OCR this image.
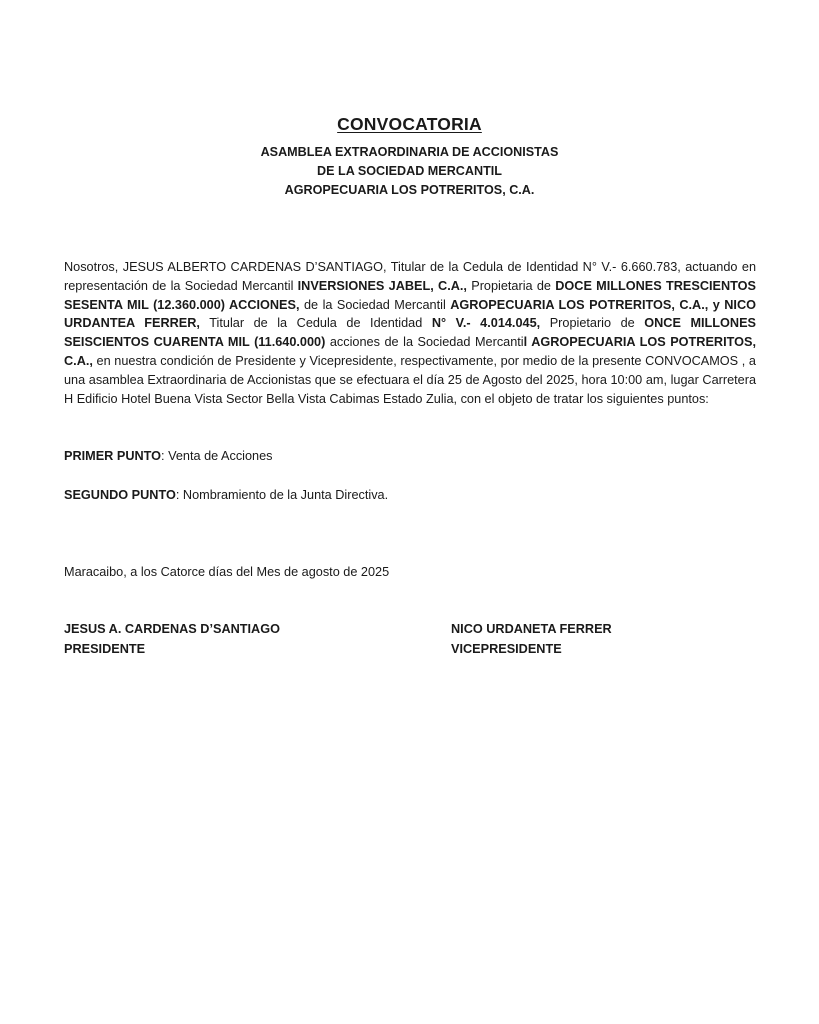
CONVOCATORIA
ASAMBLEA EXTRAORDINARIA DE ACCIONISTAS
DE LA SOCIEDAD MERCANTIL
AGROPECUARIA LOS POTRERITOS, C.A.
Nosotros, JESUS ALBERTO CARDENAS D’SANTIAGO, Titular de la Cedula de Identidad N° V.- 6.660.783, actuando en representación de la Sociedad Mercantil INVERSIONES JABEL, C.A., Propietaria de DOCE MILLONES TRESCIENTOS SESENTA MIL (12.360.000) ACCIONES, de la Sociedad Mercantil AGROPECUARIA LOS POTRERITOS, C.A., y NICO URDANTEA FERRER, Titular de la Cedula de Identidad N° V.- 4.014.045, Propietario de ONCE MILLONES SEISCIENTOS CUARENTA MIL (11.640.000) acciones de la Sociedad Mercantil AGROPECUARIA LOS POTRERITOS, C.A., en nuestra condición de Presidente y Vicepresidente, respectivamente, por medio de la presente CONVOCAMOS , a una asamblea Extraordinaria de Accionistas que se efectuara el día 25 de Agosto del 2025, hora 10:00 am, lugar Carretera H Edificio Hotel Buena Vista Sector Bella Vista Cabimas Estado Zulia, con el objeto de tratar los siguientes puntos:
PRIMER PUNTO: Venta de Acciones
SEGUNDO PUNTO: Nombramiento de la Junta Directiva.
Maracaibo, a los Catorce días del Mes de agosto de 2025
JESUS A. CARDENAS D’SANTIAGO
PRESIDENTE
NICO URDANETA FERRER
VICEPRESIDENTE
